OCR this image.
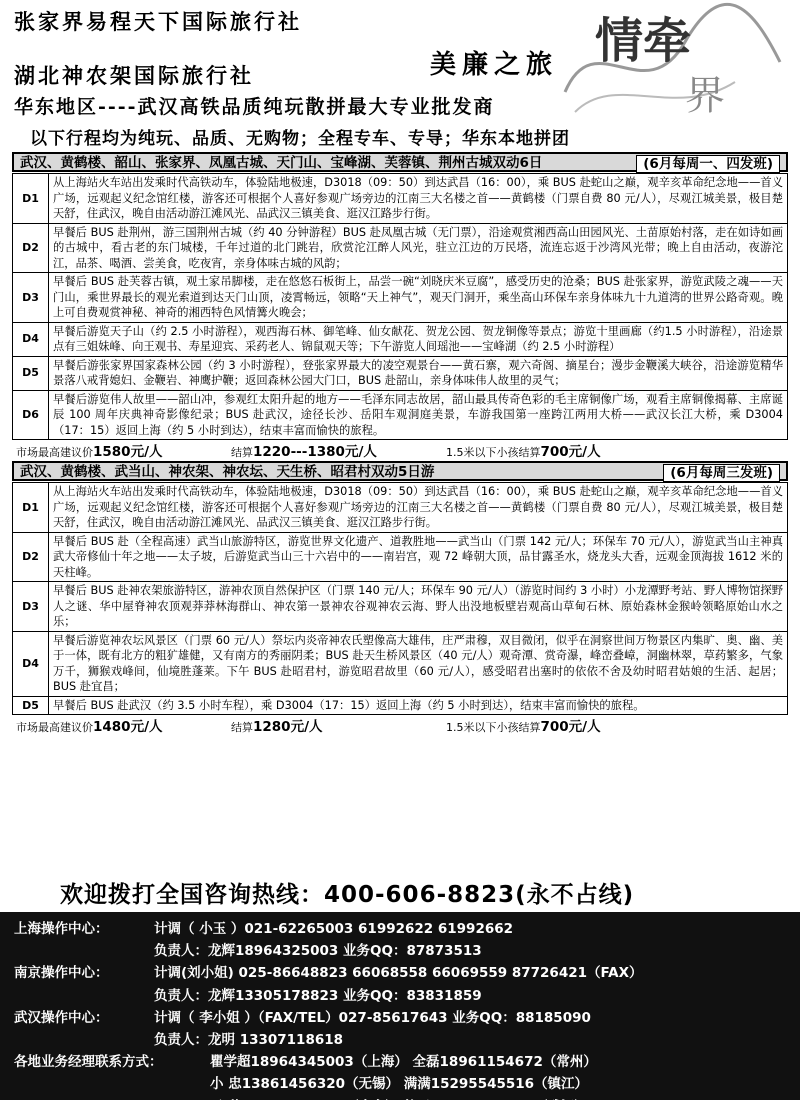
张家界易程天下国际旅行社
湖北神农架国际旅行社
华东地区----武汉高铁品质纯玩散拼最大专业批发商
美廉之旅 情牵
界
以下行程均为纯玩、品质、无购物；全程专车、专导；华东本地拼团
(6月每周一、四发班)
武汉、黄鹤楼、韶山、张家界、凤凰古城、天门山、宝峰湖、芙蓉镇、荆州古城双动6日
D1	从上海站火车站出发乘时代高铁动车，体验陆地极速，D3018（09：50）到达武昌（16：00），乘 BUS 赴蛇山之巅，观辛亥革命纪念地——首义广场，远观起义纪念馆红楼，游客还可根据个人喜好参观广场旁边的江南三大名楼之首——黄鹤楼（门票自费 80 元/人），尽观江城美景，极目楚天舒，住武汉，晚自由活动游江滩风光、品武汉三镇美食、逛汉江路步行街。
D2	早餐后 BUS 赴荆州，游三国荆州古城（约 40 分钟游程）BUS 赴凤凰古城（无门票），沿途观赏湘西高山田园风光、土苗原始村落，走在如诗如画的古城中，看古老的东门城楼，千年过道的北门跳岩，欣赏沱江醉人风光，驻立江边的万民塔，流连忘返于沙湾风光带；晚上自由活动，夜游沱江，品茶、喝酒、尝美食，吃夜宵，亲身体味古城的风韵；
D3	早餐后 BUS 赴芙蓉古镇，观土家吊脚楼，走在悠悠石板街上，品尝一碗“刘晓庆米豆腐”，感受历史的沧桑；BUS 赴张家界，游览武陵之魂——天门山，乘世界最长的观光索道到达天门山顶，凌霄畅远，领略“天上神气”，观天门洞开，乘坐高山环保车亲身体味九十九道湾的世界公路奇观。晚上可自费观赏神秘、神奇的湘西特色风情篝火晚会；
D4	早餐后游览天子山（约 2.5 小时游程），观西海石林、御笔峰、仙女献花、贺龙公园、贺龙铜像等景点；游览十里画廊（约1.5 小时游程），沿途景点有三姐妹峰、向王观书、寿星迎宾、采药老人、锦鼠观天等；下午游览人间瑶池——宝峰湖（约 2.5 小时游程）
D5	早餐后游张家界国家森林公园（约 3 小时游程），登张家界最大的凌空观景台——黄石寨，观六奇阁、摘星台；漫步金鞭溪大峡谷，沿途游览精华景落八戒背媳妇、金鞭岩、神鹰护鞭；返回森林公园大门口，BUS 赴韶山，亲身体味伟人故里的灵气；
D6	早餐后游览伟人故里——韶山冲，参观红太阳升起的地方——毛泽东同志故居，韶山最具传奇色彩的毛主席铜像广场，观看主席铜像揭幕、主席诞辰 100 周年庆典神奇影像纪录；BUS 赴武汉，途径长沙、岳阳车观洞庭美景，车游我国第一座跨江两用大桥——武汉长江大桥，乘 D3004（17：15）返回上海（约 5 小时到达），结束丰富而愉快的旅程。
市场最高建议价1580元/人	结算1220---1380元/人	1.5米以下小孩结算700元/人
(6月每周三发班)
武汉、黄鹤楼、武当山、神农架、神农坛、天生桥、昭君村双动5日游
D1	从上海站火车站出发乘时代高铁动车，体验陆地极速，D3018（09：50）到达武昌（16：00），乘 BUS 赴蛇山之巅，观辛亥革命纪念地——首义广场，远观起义纪念馆红楼，游客还可根据个人喜好参观广场旁边的江南三大名楼之首——黄鹤楼（门票自费 80 元/人），尽观江城美景，极目楚天舒，住武汉，晚自由活动游江滩风光、品武汉三镇美食、逛汉江路步行街。
D2	早餐后 BUS 赴（全程高速）武当山旅游特区，游览世界文化遗产、道教胜地——武当山（门票 142 元/人；环保车 70 元/人），游览武当山主神真武大帝修仙十年之地——太子坡，后游览武当山三十六岩中的——南岩宫，观 72 峰朝大顶，品甘露圣水，烧龙头大香，远观金顶海拔 1612 米的天柱峰。
D3	早餐后 BUS 赴神农架旅游特区，游神农顶自然保护区（门票 140 元/人；环保车 90 元/人）（游览时间约 3 小时）小龙潭野考站、野人博物馆探野人之谜、华中屋脊神农顶观莽莽林海群山、神农第一景神农谷观神农云海、野人出没地板壁岩观高山草甸石林、原始森林金猴岭领略原始山水之乐；
D4	早餐后游览神农坛风景区（门票 60 元/人）祭坛内炎帝神农氏塑像高大雄伟，庄严肃穆，双目微闭，似乎在洞察世间万物景区内集旷、奥、幽、美于一体，既有北方的粗犷雄健，又有南方的秀丽阴柔；BUS 赴天生桥风景区（40 元/人）观奇潭、赏奇瀑，峰峦叠嶂，洞幽林翠，草药繁多，气象万千，狮猴戏峰间，仙境胜蓬莱。下午 BUS 赴昭君村，游览昭君故里（60 元/人），感受昭君出塞时的依依不舍及幼时昭君姑娘的生活、起居；BUS 赴宜昌；
D5	早餐后 BUS 赴武汉（约 3.5 小时车程），乘 D3004（17：15）返回上海（约 5 小时到达），结束丰富而愉快的旅程。
市场最高建议价1480元/人	结算1280元/人	1.5米以下小孩结算700元/人
欢迎拨打全国咨询热线：400-606-8823(永不占线)
上海操作中心：	计调（ 小玉 ）021-62265003 61992622 61992662
负责人：龙辉18964325003 业务QQ：87873513
南京操作中心：	计调(刘小姐) 025-86648823 66068558 66069559 87726421（FAX）
负责人：龙辉13305178823 业务QQ：83831859
武汉操作中心：	计调（ 李小姐 ）（FAX/TEL）027-85617643 业务QQ：88185090
负责人：龙明 13307118618
各地业务经理联系方式：	瞿学超18964345003（上海） 全磊18961154672（常州）
小 忠13861456320（无锡） 满满15295545516（镇江）
云 儿15195889545（南京） 蚊子15827308827（武汉）
